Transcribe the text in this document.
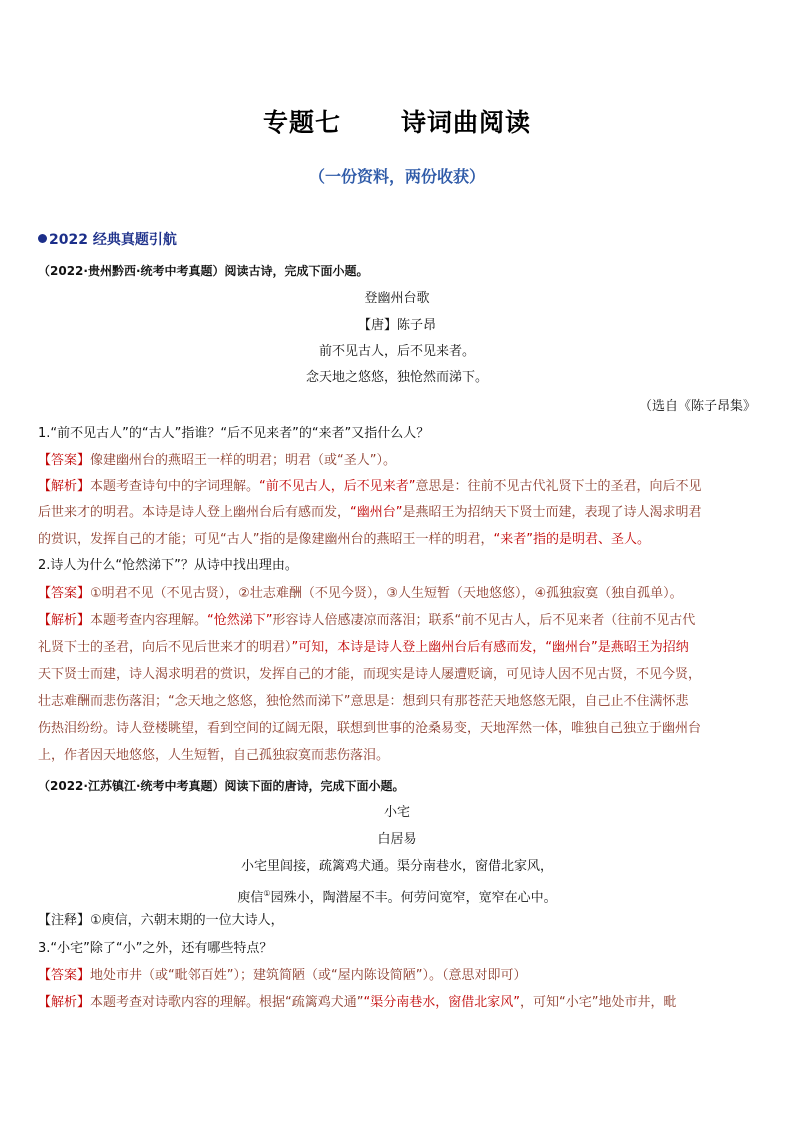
专题七 诗词曲阅读
（一份资料，两份收获）
2022 经典真题引航
（2022·贵州黔西·统考中考真题）阅读古诗，完成下面小题。
登幽州台歌
【唐】陈子昂
前不见古人，后不见来者。
念天地之悠悠，独怆然而涕下。
（选自《陈子昂集》
1.“前不见古人”的“古人”指谁？“后不见来者”的“来者”又指什么人？
【答案】像建幽州台的燕昭王一样的明君；明君（或“圣人”）。
【解析】本题考查诗句中的字词理解。“前不见古人，后不见来者”意思是：往前不见古代礼贤下士的圣君，向后不见
后世来才的明君。本诗是诗人登上幽州台后有感而发，“幽州台”是燕昭王为招纳天下贤士而建，表现了诗人渴求明君
的赏识，发挥自己的才能；可见“古人”指的是像建幽州台的燕昭王一样的明君，“来者”指的是明君、圣人。
2.诗人为什么“怆然涕下”？从诗中找出理由。
【答案】①明君不见（不见古贤），②壮志难酬（不见今贤），③人生短暂（天地悠悠），④孤独寂寞（独自孤单）。
【解析】本题考查内容理解。“怆然涕下”形容诗人倍感凄凉而落泪；联系“前不见古人，后不见来者（往前不见古代
礼贤下士的圣君，向后不见后世来才的明君）”可知，本诗是诗人登上幽州台后有感而发，“幽州台”是燕昭王为招纳
天下贤士而建，诗人渴求明君的赏识，发挥自己的才能，而现实是诗人屡遭贬谪，可见诗人因不见古贤，不见今贤，
壮志难酬而悲伤落泪；“念天地之悠悠，独怆然而涕下”意思是：想到只有那苍茫天地悠悠无限，自己止不住满怀悲
伤热泪纷纷。诗人登楼眺望，看到空间的辽阔无限，联想到世事的沧桑易变，天地浑然一体，唯独自己独立于幽州台
上，作者因天地悠悠，人生短暂，自己孤独寂寞而悲伤落泪。
（2022·江苏镇江·统考中考真题）阅读下面的唐诗，完成下面小题。
小宅
白居易
小宅里闾接，疏篱鸡犬通。渠分南巷水，窗借北家风，
庾信①园殊小，陶潜屋不丰。何劳问宽窄，宽窄在心中。
【注释】①庾信，六朝末期的一位大诗人，
3.“小宅”除了“小”之外，还有哪些特点？
【答案】地处市井（或“毗邻百姓”）；建筑简陋（或“屋内陈设简陋”）。（意思对即可）
【解析】本题考查对诗歌内容的理解。根据“疏篱鸡犬通”“渠分南巷水，窗借北家风”，可知“小宅”地处市井，毗
